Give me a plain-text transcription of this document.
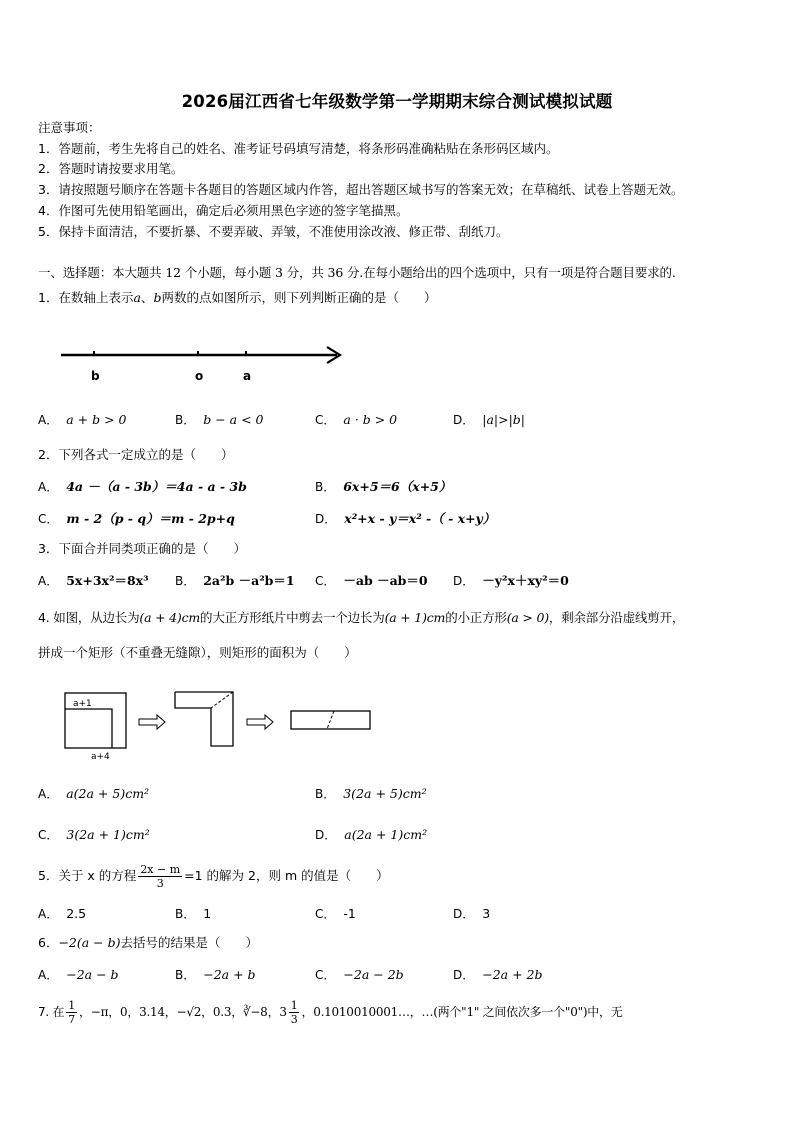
2026届江西省七年级数学第一学期期末综合测试模拟试题
注意事项：
1．答题前，考生先将自己的姓名、准考证号码填写清楚，将条形码准确粘贴在条形码区域内。
2．答题时请按要求用笔。
3．请按照题号顺序在答题卡各题目的答题区域内作答，超出答题区域书写的答案无效；在草稿纸、试卷上答题无效。
4．作图可先使用铅笔画出，确定后必须用黑色字迹的签字笔描黑。
5．保持卡面清洁，不要折暴、不要弄破、弄皱，不准使用涂改液、修正带、刮纸刀。
一、选择题：本大题共 12 个小题，每小题 3 分，共 36 分.在每小题给出的四个选项中，只有一项是符合题目要求的.
1．在数轴上表示a、b两数的点如图所示，则下列判断正确的是（　　）
b	o	a
A． a + b > 0	B． b − a < 0	C． a · b > 0	D． |a|>|b|
2．下列各式一定成立的是（　　）
A． 4a －（a - 3b）＝4a - a - 3b	B． 6x+5＝6（x+5）
C． m - 2（p - q）＝m - 2p+q	D． x²+x - y＝x² -（ - x+y）
3．下面合并同类项正确的是（　　）
A． 5x+3x²＝8x³ B． 2a²b －a²b＝1 C． －ab －ab＝0 D． －y²x＋xy²＝0
4. 如图，从边长为(a + 4)cm的大正方形纸片中剪去一个边长为(a + 1)cm的小正方形(a > 0)，剩余部分沿虚线剪开，
拼成一个矩形（不重叠无缝隙），则矩形的面积为（　　）
a+1
a+4
A． a(2a + 5)cm²	B． 3(2a + 5)cm²
C． 3(2a + 1)cm²	D． a(2a + 1)cm²
5．关于 x 的方程 $\frac{2x - m}{3} =1$ 的解为 2，则 m 的值是（　　）
A． 2.5	B． 1	C． -1	D． 3
6．−2(a − b)去括号的结果是（　　）
A． −2a − b	B． −2a + b	C． −2a − 2b	D． −2a + 2b
7. 在 $\frac{1}{7}$ ，−π，0，3.14，−√2，0.3，∛−8，$3 \frac{1}{3}$ ，0.1010010001…，…(两个"1" 之间依次多一个"0")中，无
